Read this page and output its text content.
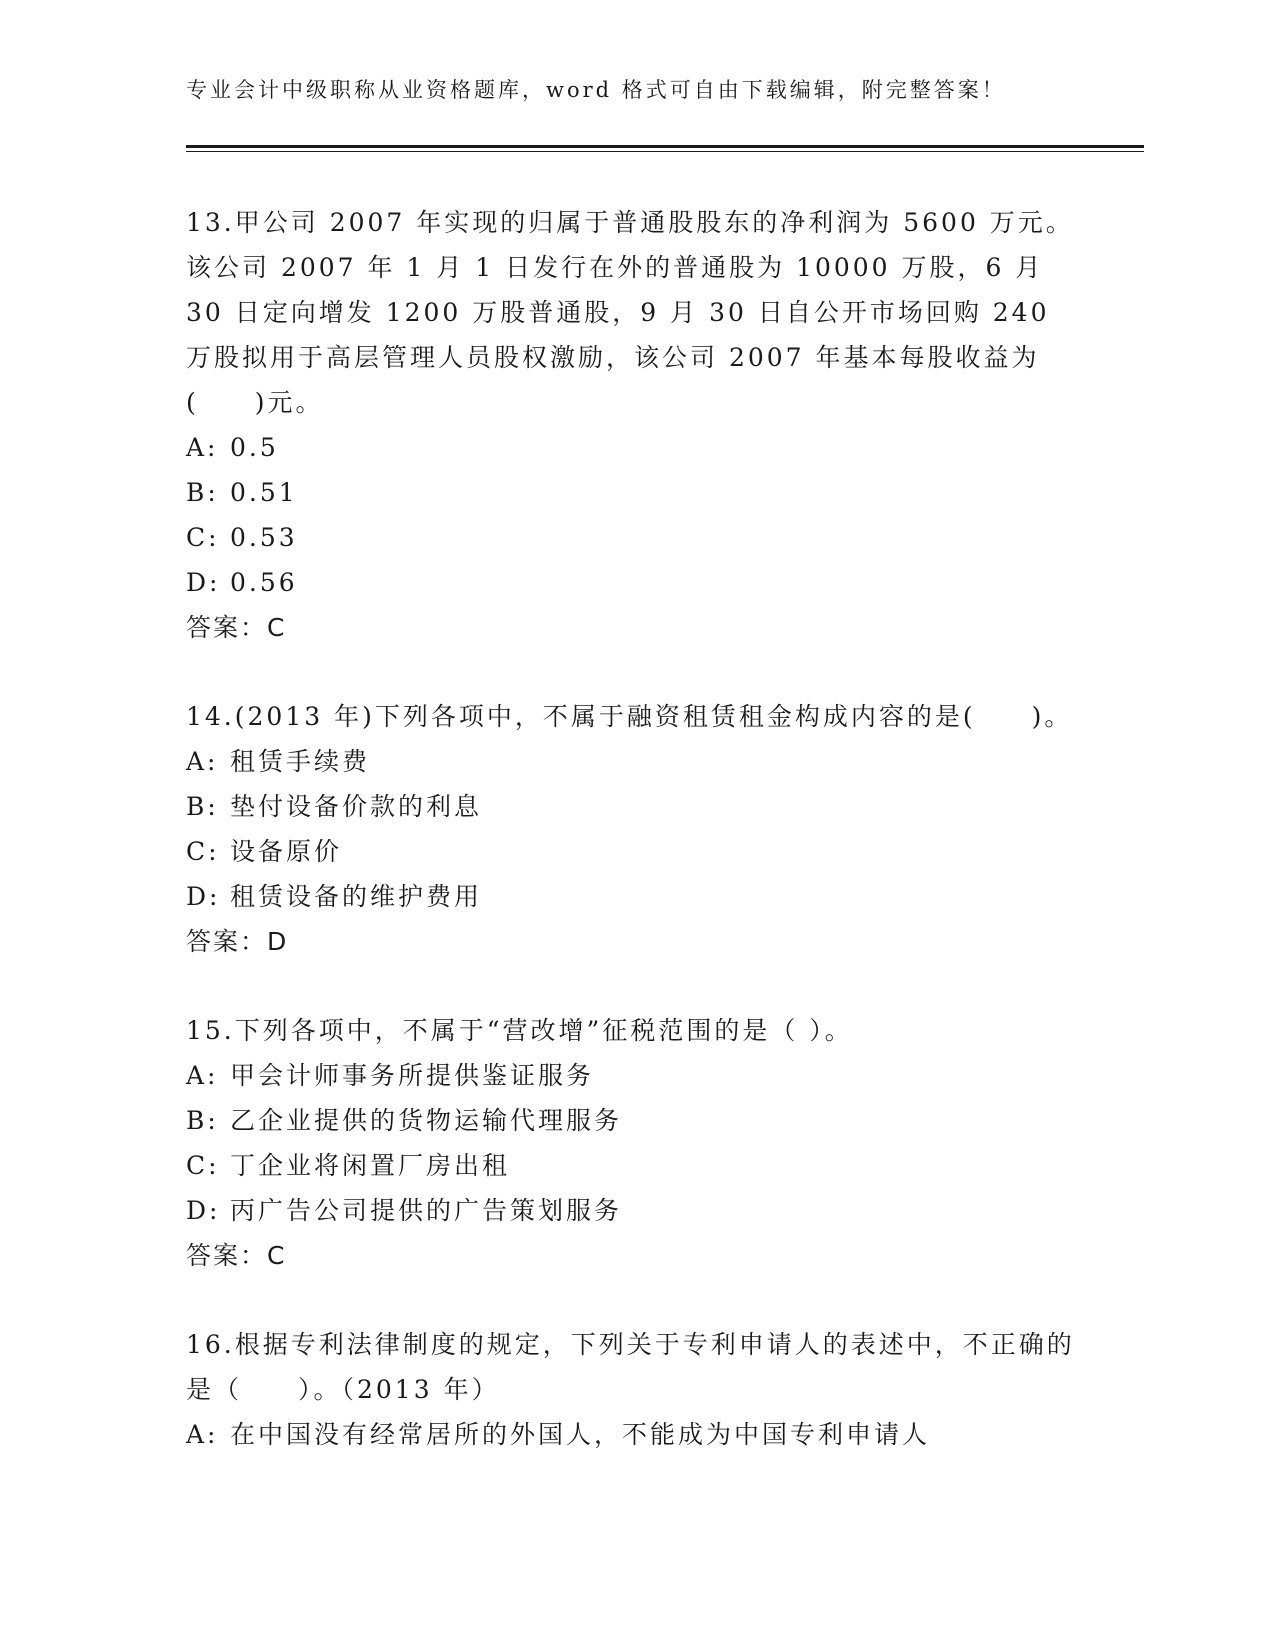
专业会计中级职称从业资格题库，word 格式可自由下载编辑，附完整答案！

13.甲公司 2007 年实现的归属于普通股股东的净利润为 5600 万元。该公司 2007 年 1 月 1 日发行在外的普通股为 10000 万股，6 月 30 日定向增发 1200 万股普通股，9 月 30 日自公开市场回购 240 万股拟用于高层管理人员股权激励，该公司 2007 年基本每股收益为(　　)元。

A: 0.5

B: 0.51

C: 0.53

D: 0.56

答案：C

14.(2013 年)下列各项中，不属于融资租赁租金构成内容的是(　　)。

A: 租赁手续费

B: 垫付设备价款的利息

C: 设备原价

D: 租赁设备的维护费用

答案：D

15.下列各项中，不属于“营改增”征税范围的是（ ）。

A: 甲会计师事务所提供鉴证服务

B: 乙企业提供的货物运输代理服务

C: 丁企业将闲置厂房出租

D: 丙广告公司提供的广告策划服务

答案：C

16.根据专利法律制度的规定，下列关于专利申请人的表述中，不正确的是（　　）。（2013 年）

A: 在中国没有经常居所的外国人，不能成为中国专利申请人
